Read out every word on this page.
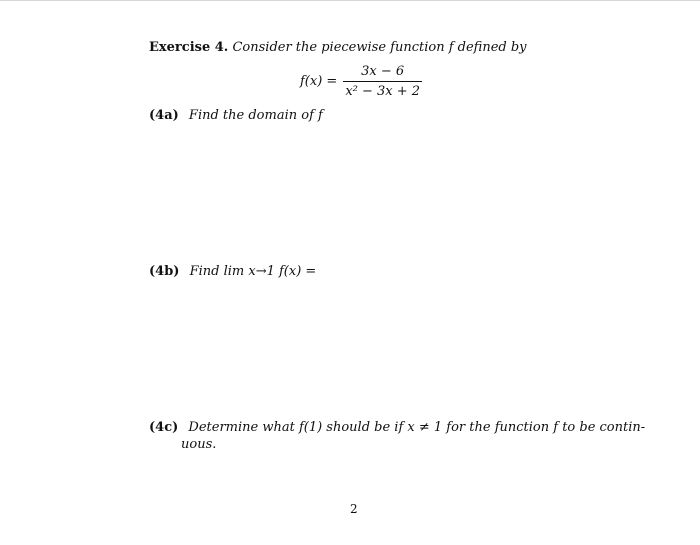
Exercise 4. Consider the piecewise function f defined by
$f(x) = \frac{3x - 6}{\text{x² − 3x + 2}}$
(4a) Find the domain of f
(4b) Find lim x→1 f(x) =
(4c) Determine what f(1) should be if x ≠ 1 for the function f to be contin-
uous.
2
